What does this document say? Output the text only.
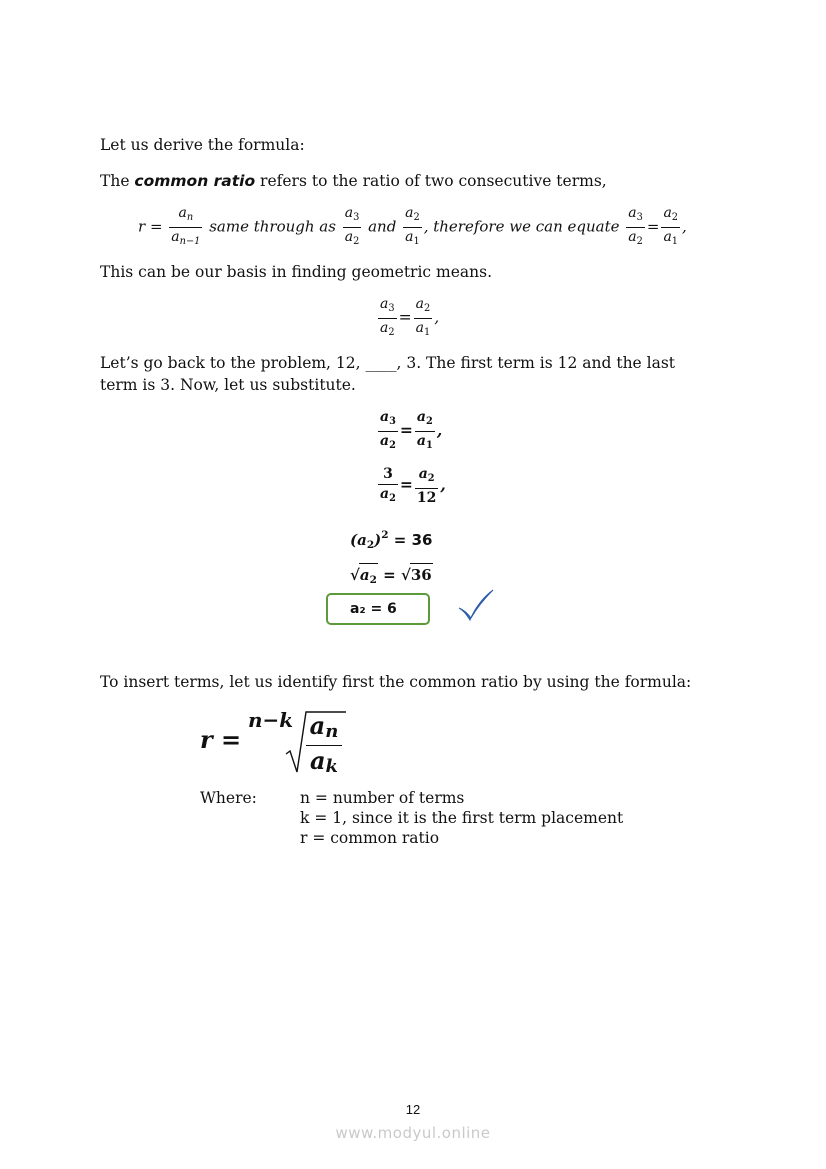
Let us derive the formula:
The common ratio refers to the ratio of two consecutive terms,
$r = \frac{a_n}{a_{n-1}}$ same through as $\frac{a_3}{a_2}$ and $\frac{a_2}{a_1}$ , therefore we can equate $\frac{a_3}{a_2} = \frac{a_2}{a_1}$ ,
This can be our basis in finding geometric means.
$\frac{a_3}{a_2} = \frac{a_2}{a_1}$ ,
Let’s go back to the problem, 12, ____, 3. The first term is 12 and the last
term is 3. Now, let us substitute.
$\frac{a_3}{a_2} = \frac{a_2}{a_1}$ ,
$\frac{3}{a_2} = \frac{a_2}{12}$ ,
$(a_2)^2 = 36$
$√a_2 = √36$
a₂ = 6
To insert terms, let us identify first the common ratio by using the formula:
r =
$n-k \frac{an}{ak}$
Where:	n = number of terms
k = 1, since it is the first term placement
r = common ratio
12
www.modyul.online
